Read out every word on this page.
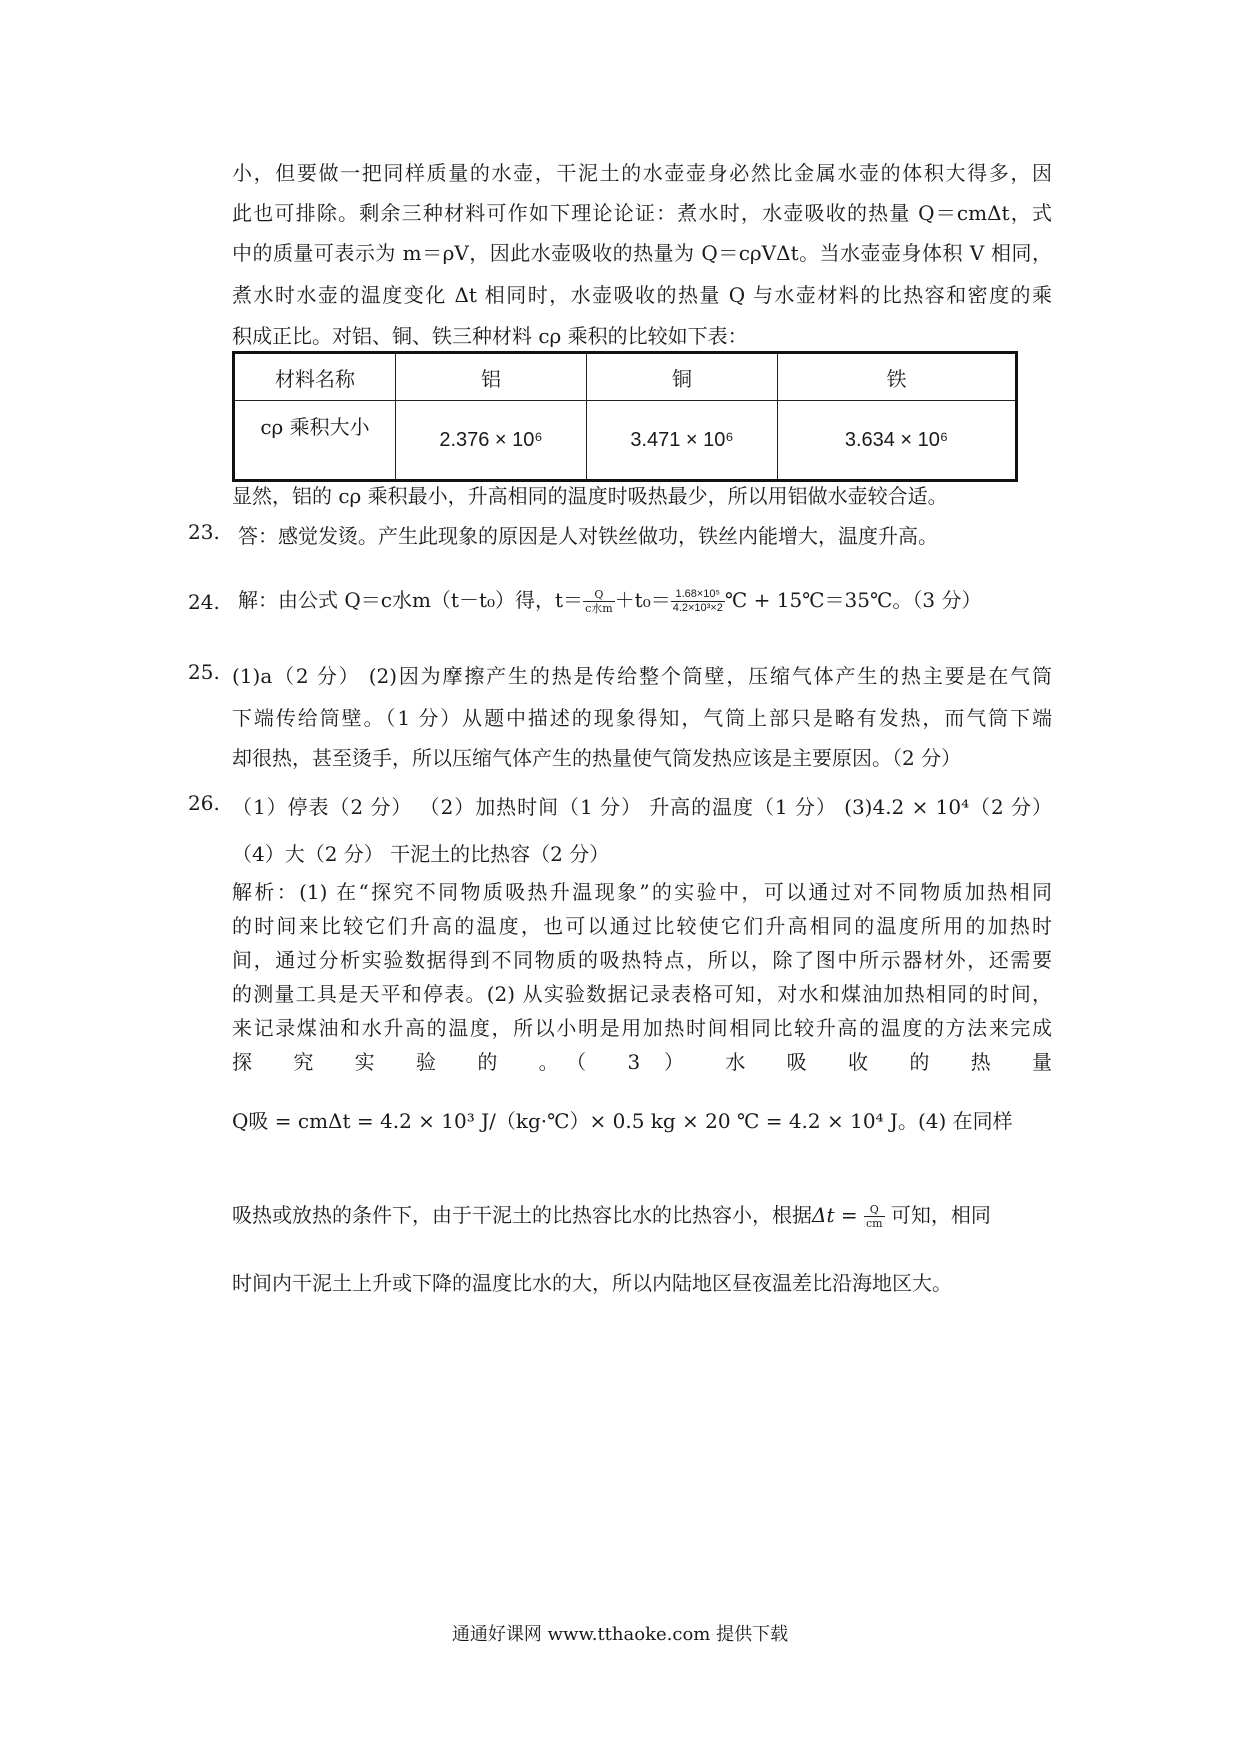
小，但要做一把同样质量的水壶，干泥土的水壶壶身必然比金属水壶的体积大得多，因
此也可排除。剩余三种材料可作如下理论论证：煮水时，水壶吸收的热量 Q＝cmΔt，式
中的质量可表示为 m＝ρV，因此水壶吸收的热量为 Q＝cρVΔt。当水壶壶身体积 V 相同，
煮水时水壶的温度变化 Δt 相同时，水壶吸收的热量 Q 与水壶材料的比热容和密度的乘
积成正比。对铝、铜、铁三种材料 cρ 乘积的比较如下表：
材料名称	铝	铜	铁
cρ 乘积大小	2.376 × 10⁶	3.471 × 10⁶	3.634 × 10⁶
显然，铝的 cρ 乘积最小，升高相同的温度时吸热最少，所以用铝做水壶较合适。
23. 答：感觉发烫。产生此现象的原因是人对铁丝做功，铁丝内能增大，温度升高。
24. 解：由公式 Q＝c水m（t－t₀）得，$t= \frac{Q}{\text{c水m}} +t_0= \frac{\text{1.68×10⁵}}{\text{4.2×10³×2}}$ ℃ + 15℃＝35℃。（3 分）
25. (1)a（2 分） (2)因为摩擦产生的热是传给整个筒壁，压缩气体产生的热主要是在气筒
下端传给筒壁。（1 分）从题中描述的现象得知，气筒上部只是略有发热，而气筒下端
却很热，甚至烫手，所以压缩气体产生的热量使气筒发热应该是主要原因。（2 分）
26. （1）停表（2 分） （2）加热时间（1 分） 升高的温度（1 分） (3)4.2 × 10⁴（2 分）
（4）大（2 分） 干泥土的比热容（2 分）
解析：(1) 在“探究不同物质吸热升温现象”的实验中，可以通过对不同物质加热相同
的时间来比较它们升高的温度，也可以通过比较使它们升高相同的温度所用的加热时
间，通过分析实验数据得到不同物质的吸热特点，所以，除了图中所示器材外，还需要
的测量工具是天平和停表。(2) 从实验数据记录表格可知，对水和煤油加热相同的时间，
来记录煤油和水升高的温度，所以小明是用加热时间相同比较升高的温度的方法来完成
探 究 实 验 的 。（ 3 ） 水 吸 收 的 热 量
Q吸 = cmΔt = 4.2 × 10³ J/（kg·℃）× 0.5 kg × 20 ℃ = 4.2 × 10⁴ J。(4) 在同样
吸热或放热的条件下，由于干泥土的比热容比水的比热容小，根据$\Delta t = \frac{Q}{cm}$ 可知，相同
时间内干泥土上升或下降的温度比水的大，所以内陆地区昼夜温差比沿海地区大。
通通好课网 www.tthaoke.com 提供下载
